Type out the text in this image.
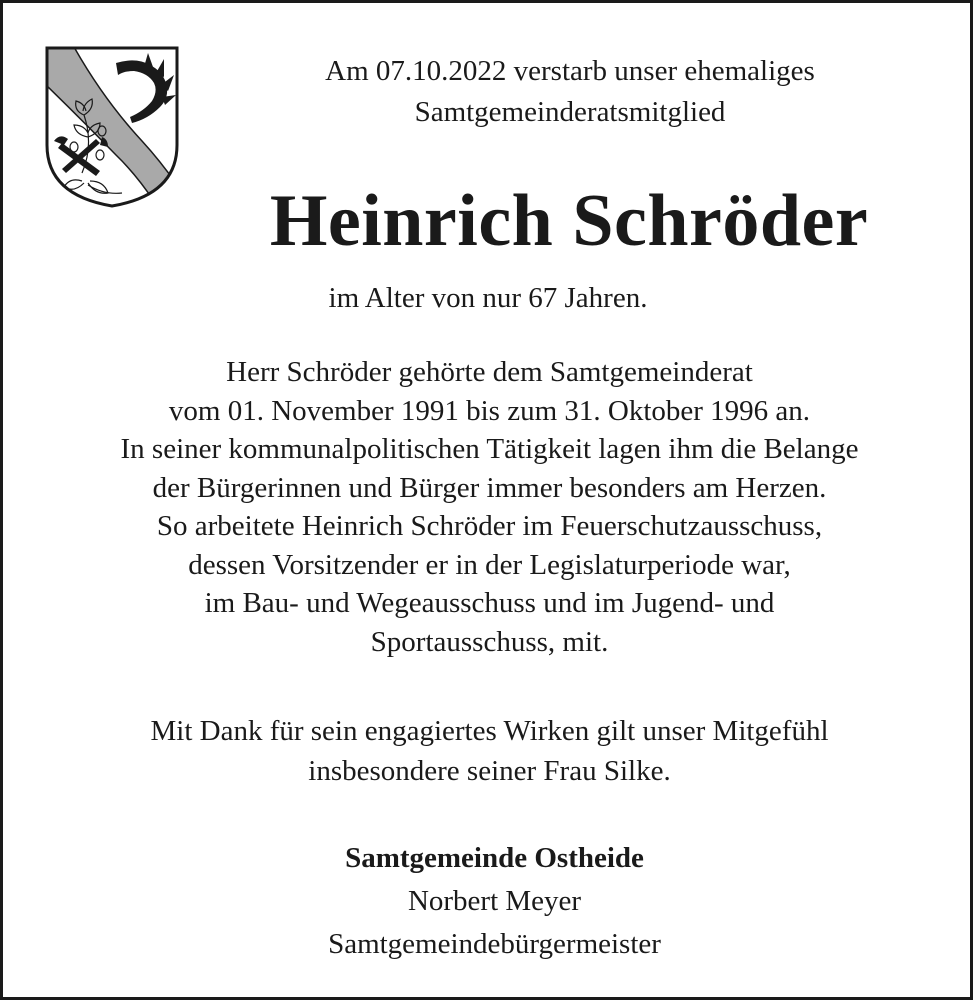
Am 07.10.2022 verstarb unser ehemaliges
Samtgemeinderatsmitglied
Heinrich Schröder
im Alter von nur 67 Jahren.
Herr Schröder gehörte dem Samtgemeinderat
vom 01. November 1991 bis zum 31. Oktober 1996 an.
In seiner kommunalpolitischen Tätigkeit lagen ihm die Belange
der Bürgerinnen und Bürger immer besonders am Herzen.
So arbeitete Heinrich Schröder im Feuerschutzausschuss,
dessen Vorsitzender er in der Legislaturperiode war,
im Bau- und Wegeausschuss und im Jugend- und
Sportausschuss, mit.
Mit Dank für sein engagiertes Wirken gilt unser Mitgefühl
insbesondere seiner Frau Silke.
Samtgemeinde Ostheide
Norbert Meyer
Samtgemeindebürgermeister
